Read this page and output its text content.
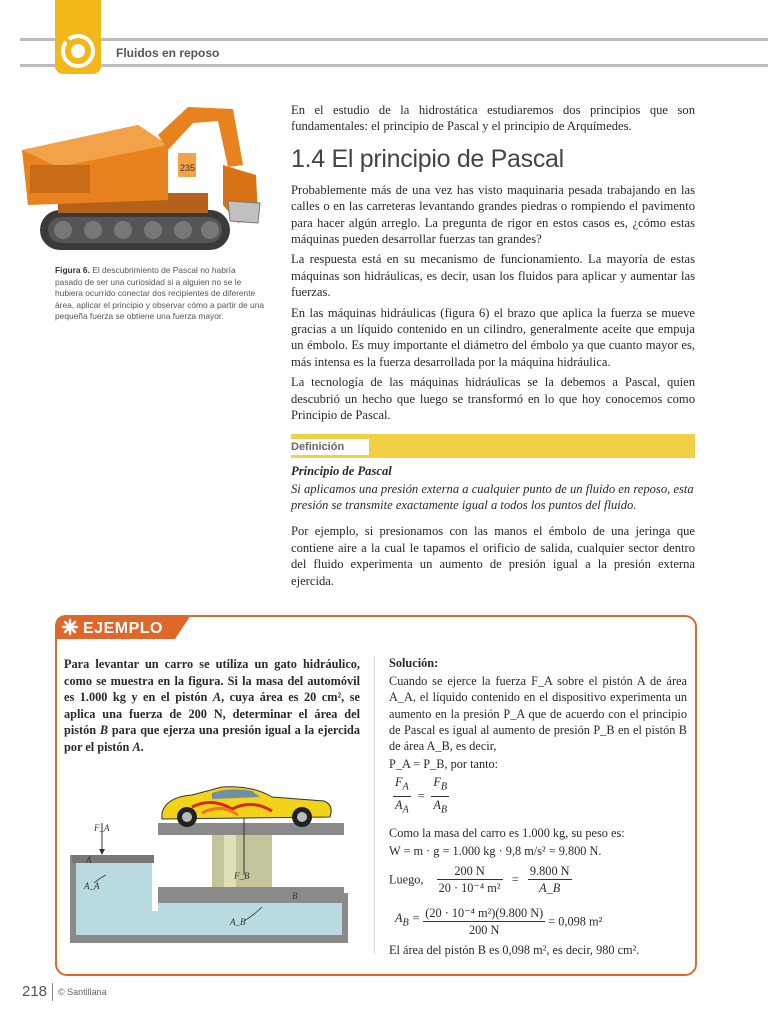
Fluidos en reposo
235
Figura 6. El descubrimiento de Pascal no habría pasado de ser una curiosidad si a alguien no se le hubiera ocurrido conectar dos recipientes de diferente área, aplicar el principio y observar cómo a partir de una pequeña fuerza se obtiene una fuerza mayor.

En el estudio de la hidrostática estudiaremos dos principios que son fundamentales: el principio de Pascal y el principio de Arquímedes.

1.4 El principio de Pascal

Probablemente más de una vez has visto maquinaria pesada trabajando en las calles o en las carreteras levantando grandes piedras o rompiendo el pavimento para hacer algún arreglo. La pregunta de rigor en estos casos es, ¿cómo estas máquinas pueden desarrollar fuerzas tan grandes?

La respuesta está en su mecanismo de funcionamiento. La mayoría de estas máquinas son hidráulicas, es decir, usan los fluidos para aplicar y aumentar las fuerzas.

En las máquinas hidráulicas (figura 6) el brazo que aplica la fuerza se mueve gracias a un líquido contenido en un cilindro, generalmente aceite que empuja un émbolo. Es muy importante el diámetro del émbolo ya que cuanto mayor es, más intensa es la fuerza desarrollada por la máquina hidráulica.

La tecnología de las máquinas hidráulicas se la debemos a Pascal, quien descubrió un hecho que luego se transformó en lo que hoy conocemos como Principio de Pascal.

Definición
Principio de Pascal
Si aplicamos una presión externa a cualquier punto de un fluido en reposo, esta presión se transmite exactamente igual a todos los puntos del fluido.

Por ejemplo, si presionamos con las manos el émbolo de una jeringa que contiene aire a la cual le tapamos el orificio de salida, cualquier sector dentro del fluido experimenta un aumento de presión igual a la presión externa ejercida.

EJEMPLO
Para levantar un carro se utiliza un gato hidráulico, como se muestra en la figura. Si la masa del automóvil es 1.000 kg y en el pistón A, cuya área es 20 cm², se aplica una fuerza de 200 N, determinar el área del pistón B para que ejerza una presión igual a la ejercida por el pistón A.
F_A
A
A_A
F_B
B
A_B

Solución:

Cuando se ejerce la fuerza F_A sobre el pistón A de área A_A, el líquido contenido en el dispositivo experimenta un aumento en la presión P_A que de acuerdo con el principio de Pascal es igual al aumento de presión P_B en el pistón B de área A_B, es decir,

P_A = P_B, por tanto:

$\frac{F_A}{A_A} = \frac{F_B}{A_B}$

Como la masa del carro es 1.000 kg, su peso es:

W = m · g = 1.000 kg · 9,8 m/s² = 9.800 N.

Luego, $\frac{200 N}{\text{20 · 10⁻⁴ m²}} = \frac{9.800 N}{A\_B}$
$A_B = \frac{\text{(20 · 10⁻⁴ m²)(9.800 N)}}{200 N} = 0,098$ m²

El área del pistón B es 0,098 m², es decir, 980 cm².

218 © Santillana
